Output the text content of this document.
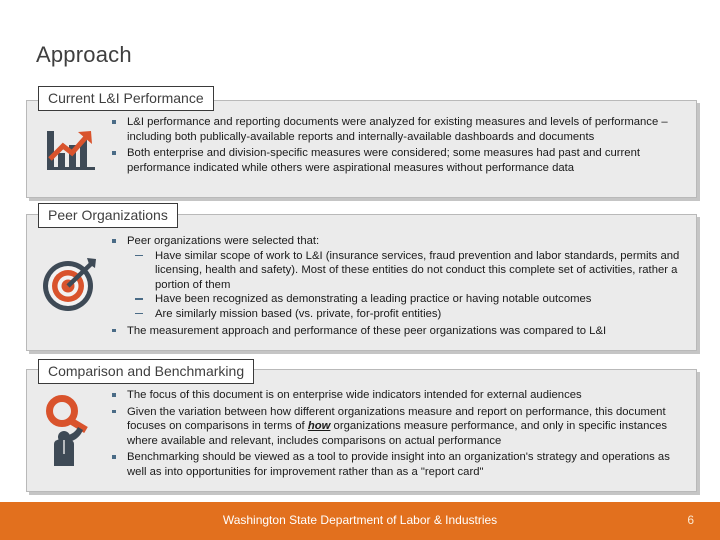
Approach
Current L&I Performance
L&I performance and reporting documents were analyzed for existing measures and levels of performance – including both publically-available reports and internally-available dashboards and documents
Both enterprise and division-specific measures were considered; some measures had past and current performance indicated while others were aspirational measures without performance data
Peer Organizations
Peer organizations were selected that:
Have similar scope of work to L&I (insurance services, fraud prevention and labor standards, permits and licensing, health and safety). Most of these entities do not conduct this complete set of activities, rather a portion of them
Have been recognized as demonstrating a leading practice or having notable outcomes
Are similarly mission based (vs. private, for-profit entities)
The measurement approach and performance of these peer organizations was compared to L&I
Comparison and Benchmarking
The focus of this document is on enterprise wide indicators intended for external audiences
Given the variation between how different organizations measure and report on performance, this document focuses on comparisons in terms of how organizations measure performance, and only in specific instances where available and relevant, includes comparisons on actual performance
Benchmarking should be viewed as a tool to provide insight into an organization's strategy and operations as well as into opportunities for improvement rather than as a "report card"
Washington State Department of Labor & Industries	6
